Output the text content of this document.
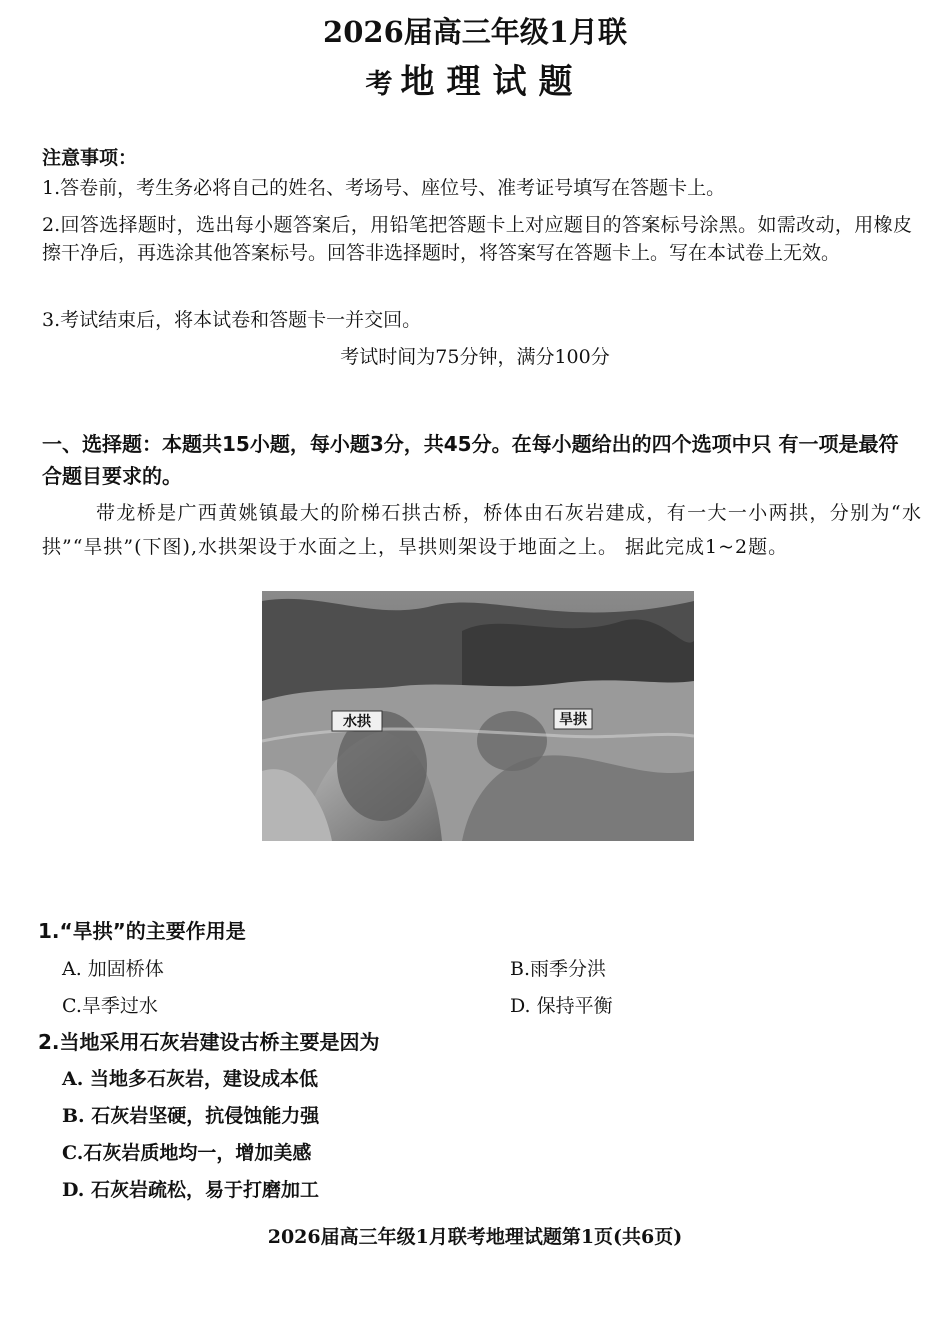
2026届高三年级1月联
考 地理试题
注意事项：
1.答卷前，考生务必将自己的姓名、考场号、座位号、准考证号填写在答题卡上。
2.回答选择题时，选出每小题答案后，用铅笔把答题卡上对应题目的答案标号涂黑。如需改动，用橡皮擦干净后，再选涂其他答案标号。回答非选择题时，将答案写在答题卡上。写在本试卷上无效。
3.考试结束后，将本试卷和答题卡一并交回。
考试时间为75分钟，满分100分
一、选择题：本题共15小题，每小题3分，共45分。在每小题给出的四个选项中只 有一项是最符合题目要求的。
带龙桥是广西黄姚镇最大的阶梯石拱古桥，桥体由石灰岩建成，有一大一小两拱，分别为“水拱”“旱拱”(下图),水拱架设于水面之上，旱拱则架设于地面之上。 据此完成1~2题。
水拱	旱拱
1.“旱拱”的主要作用是
A. 加固桥体	B.雨季分洪
C.旱季过水	D. 保持平衡
2.当地采用石灰岩建设古桥主要是因为
A. 当地多石灰岩，建设成本低
B. 石灰岩坚硬，抗侵蚀能力强
C.石灰岩质地均一，增加美感
D. 石灰岩疏松，易于打磨加工
2026届高三年级1月联考地理试题第1页(共6页)
